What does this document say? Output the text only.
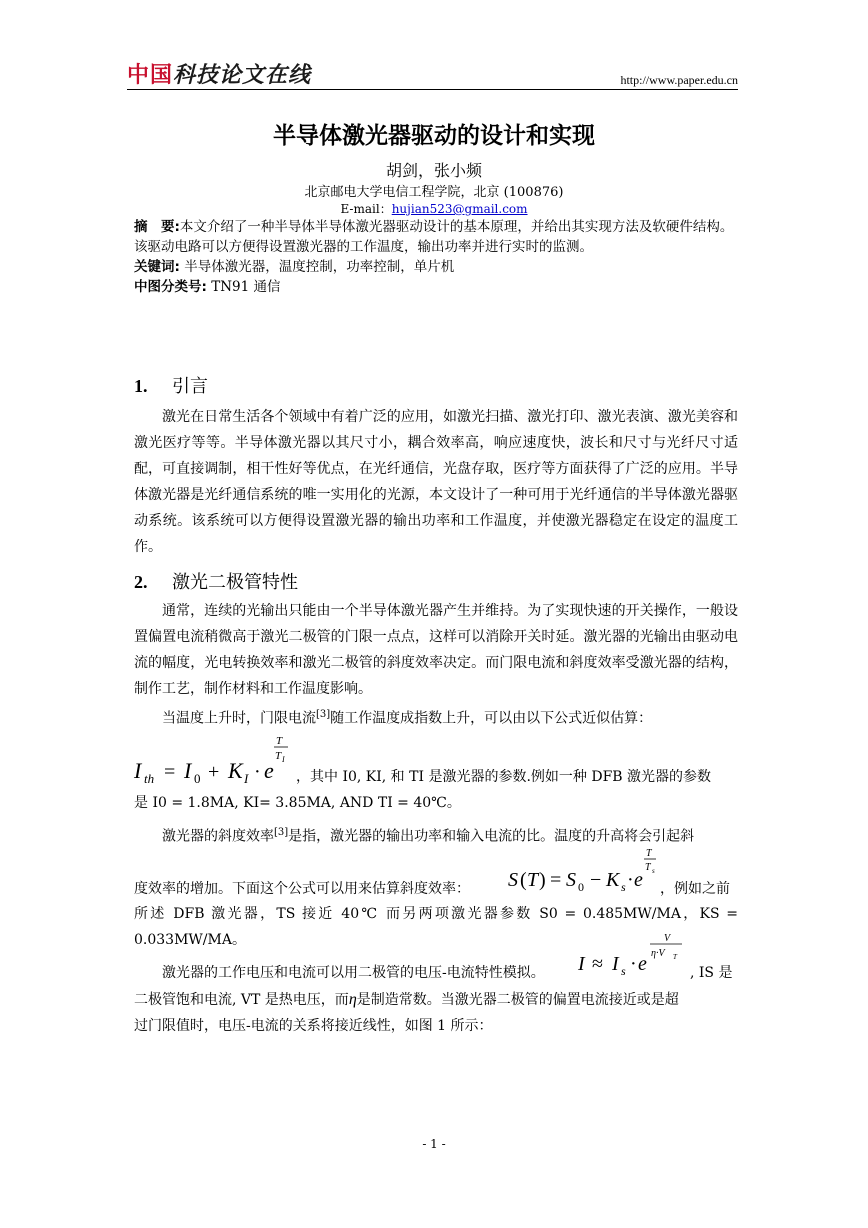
中国科技论文在线	http://www.paper.edu.cn
半导体激光器驱动的设计和实现
胡剑，张小频
北京邮电大学电信工程学院，北京 (100876)
E-mail：hujian523@gmail.com
摘　要:本文介绍了一种半导体半导体激光器驱动设计的基本原理，并给出其实现方法及软硬件结构。该驱动电路可以方便得设置激光器的工作温度，输出功率并进行实时的监测。
关键词: 半导体激光器，温度控制，功率控制，单片机
中图分类号: TN91 通信
1. 引言

激光在日常生活各个领域中有着广泛的应用，如激光扫描、激光打印、激光表演、激光美容和激光医疗等等。半导体激光器以其尺寸小，耦合效率高，响应速度快，波长和尺寸与光纤尺寸适配，可直接调制，相干性好等优点，在光纤通信，光盘存取，医疗等方面获得了广泛的应用。半导体激光器是光纤通信系统的唯一实用化的光源，本文设计了一种可用于光纤通信的半导体激光器驱动系统。该系统可以方便得设置激光器的输出功率和工作温度，并使激光器稳定在设定的温度工作。

2. 激光二极管特性

通常，连续的光输出只能由一个半导体激光器产生并维持。为了实现快速的开关操作，一般设置偏置电流稍微高于激光二极管的门限一点点，这样可以消除开关时延。激光器的光输出由驱动电流的幅度，光电转换效率和激光二极管的斜度效率决定。而门限电流和斜度效率受激光器的结构，制作工艺，制作材料和工作温度影响。

当温度上升时，门限电流[3]随工作温度成指数上升，可以由以下公式近似估算：

I th = I 0 + K I · e
T
T I
，其中 I0, KI, 和 TI 是激光器的参数.例如一种 DFB 激光器的参数
是 I0 = 1.8MA, KI= 3.85MA, AND TI = 40℃。

激光器的斜度效率[3]是指，激光器的输出功率和输入电流的比。温度的升高将会引起斜

度效率的增加。下面这个公式可以用来估算斜度效率：	S ( T ) = S 0 − K s · e
T
T s
，例如之前
所述 DFB 激光器，TS 接近 40℃ 而另两项激光器参数 S0 = 0.485MW/MA，KS = 0.033MW/MA。

激光器的工作电压和电流可以用二极管的电压-电流特性模拟。	I ≈ I s · e
V
η·V T
, IS 是
二极管饱和电流, VT 是热电压，而η是制造常数。当激光器二极管的偏置电流接近或是超
过门限值时，电压-电流的关系将接近线性，如图 1 所示：
- 1 -
